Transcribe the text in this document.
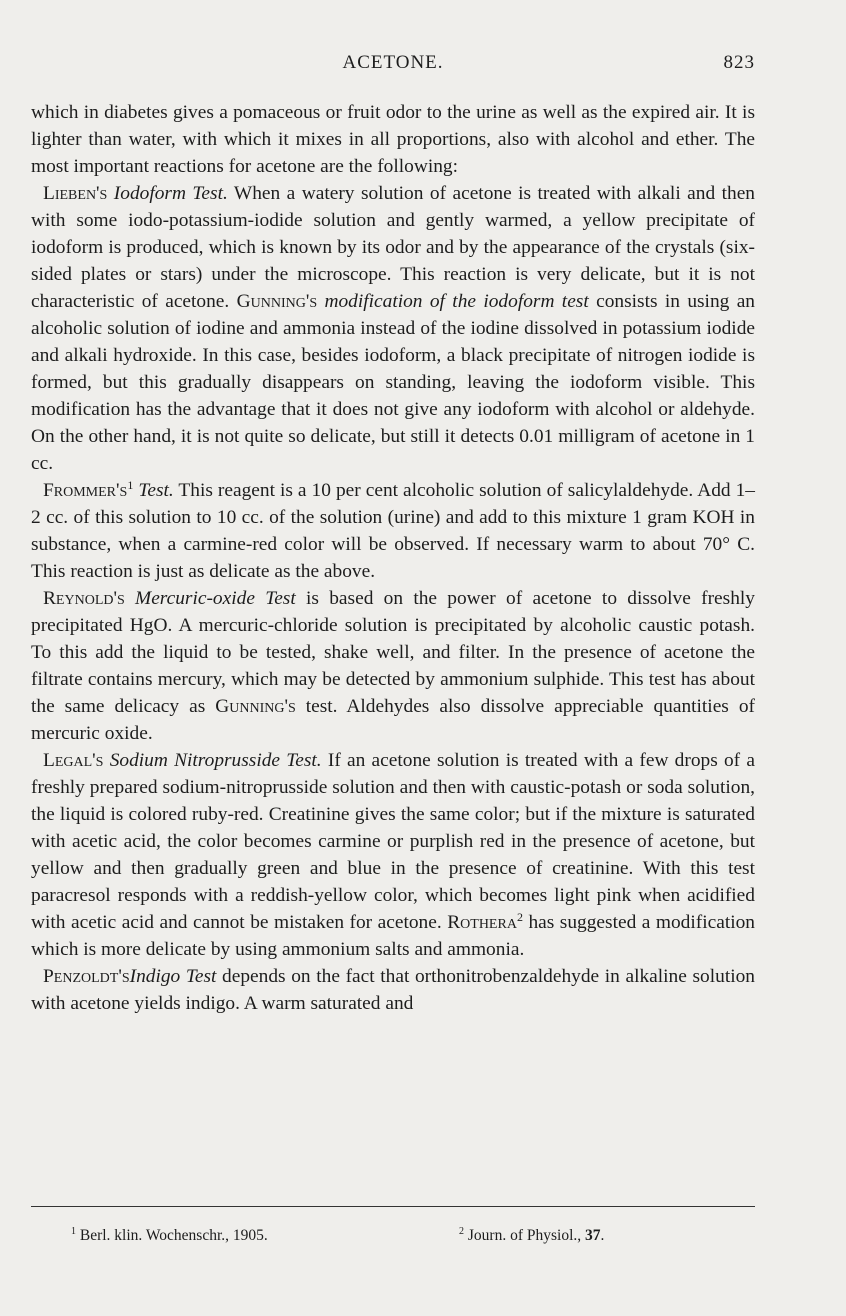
ACETONE.	823

which in diabetes gives a pomaceous or fruit odor to the urine as well as the expired air. It is lighter than water, with which it mixes in all proportions, also with alcohol and ether. The most important reactions for acetone are the following:

Lieben's Iodoform Test. When a watery solution of acetone is treated with alkali and then with some iodo-potassium-iodide solution and gently warmed, a yellow precipitate of iodoform is produced, which is known by its odor and by the appearance of the crystals (six-sided plates or stars) under the microscope. This reaction is very delicate, but it is not characteristic of acetone. Gunning's modification of the iodoform test consists in using an alcoholic solution of iodine and ammonia instead of the iodine dissolved in potassium iodide and alkali hydroxide. In this case, besides iodoform, a black precipitate of nitrogen iodide is formed, but this gradually disappears on standing, leaving the iodoform visible. This modification has the advantage that it does not give any iodoform with alcohol or aldehyde. On the other hand, it is not quite so delicate, but still it detects 0.01 milligram of acetone in 1 cc.

$Frommer's^1$ Test. This reagent is a 10 per cent alcoholic solution of salicylaldehyde. Add 1–2 cc. of this solution to 10 cc. of the solution (urine) and add to this mixture 1 gram KOH in substance, when a carmine-red color will be observed. If necessary warm to about 70° C. This reaction is just as delicate as the above.

Reynold's Mercuric-oxide Test is based on the power of acetone to dissolve freshly precipitated HgO. A mercuric-chloride solution is precipitated by alcoholic caustic potash. To this add the liquid to be tested, shake well, and filter. In the presence of acetone the filtrate contains mercury, which may be detected by ammonium sulphide. This test has about the same delicacy as Gunning's test. Aldehydes also dissolve appreciable quantities of mercuric oxide.

Legal's Sodium Nitroprusside Test. If an acetone solution is treated with a few drops of a freshly prepared sodium-nitroprusside solution and then with caustic-potash or soda solution, the liquid is colored ruby-red. Creatinine gives the same color; but if the mixture is saturated with acetic acid, the color becomes carmine or purplish red in the presence of acetone, but yellow and then gradually green and blue in the presence of creatinine. With this test paracresol responds with a reddish-yellow color, which becomes light pink when acidified with acetic acid and cannot be mistaken for acetone. Rothera$^2$ has suggested a modification which is more delicate by using ammonium salts and ammonia.

Penzoldt'sIndigo Test depends on the fact that orthonitrobenzaldehyde in alkaline solution with acetone yields indigo. A warm saturated and

$^1$ Berl. klin. Wochenschr., 1905.	$^2$ Journ. of Physiol., 37.
